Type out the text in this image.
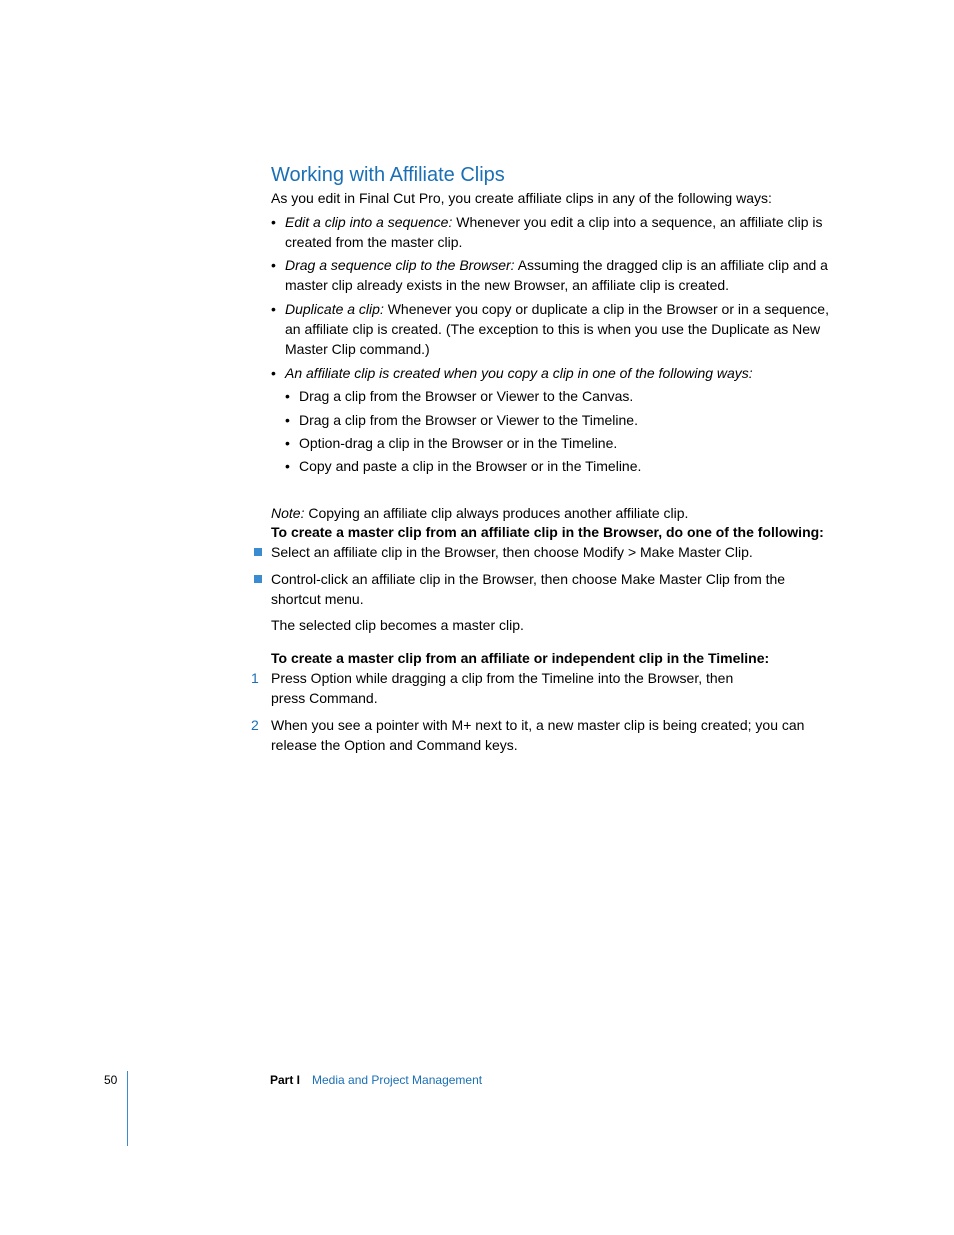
Working with Affiliate Clips

As you edit in Final Cut Pro, you create affiliate clips in any of the following ways:

• Edit a clip into a sequence: Whenever you edit a clip into a sequence, an affiliate clip is created from the master clip.
• Drag a sequence clip to the Browser: Assuming the dragged clip is an affiliate clip and a master clip already exists in the new Browser, an affiliate clip is created.
• Duplicate a clip: Whenever you copy or duplicate a clip in the Browser or in a sequence, an affiliate clip is created. (The exception to this is when you use the Duplicate as New Master Clip command.)
• An affiliate clip is created when you copy a clip in one of the following ways:
• Drag a clip from the Browser or Viewer to the Canvas.
• Drag a clip from the Browser or Viewer to the Timeline.
• Option-drag a clip in the Browser or in the Timeline.
• Copy and paste a clip in the Browser or in the Timeline.

Note: Copying an affiliate clip always produces another affiliate clip.

To create a master clip from an affiliate clip in the Browser, do one of the following:
Select an affiliate clip in the Browser, then choose Modify > Make Master Clip.
Control-click an affiliate clip in the Browser, then choose Make Master Clip from the shortcut menu.
The selected clip becomes a master clip.
To create a master clip from an affiliate or independent clip in the Timeline:
1 Press Option while dragging a clip from the Timeline into the Browser, then
press Command.
2 When you see a pointer with M+ next to it, a new master clip is being created; you can
release the Option and Command keys.
50	Part I Media and Project Management
